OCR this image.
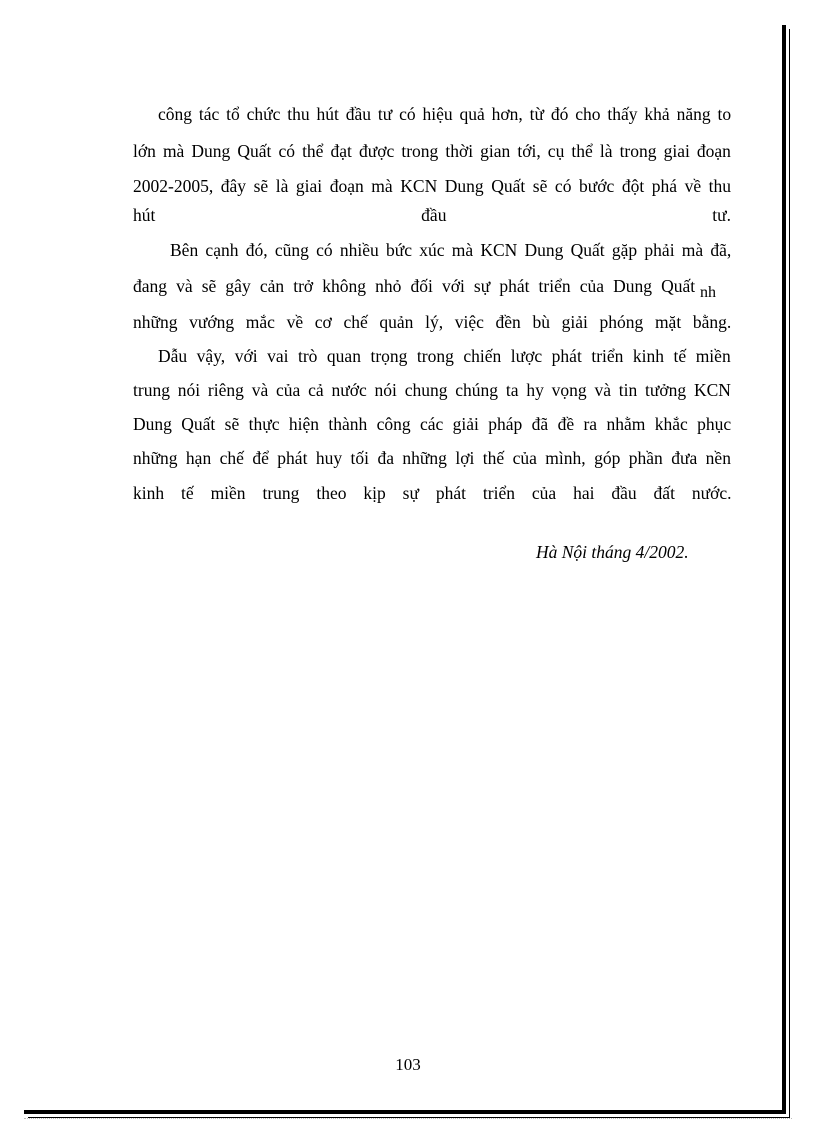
công tác tổ chức thu hút đầu tư có hiệu quả hơn, từ đó cho thấy khả năng to
lớn mà Dung Quất có thể đạt được trong thời gian tới, cụ thể là trong giai đoạn
2002-2005, đây sẽ là giai đoạn mà KCN Dung Quất sẽ có bước đột phá về thu
hút	đầu	tư.
Bên cạnh đó, cũng có nhiều bức xúc mà KCN Dung Quất gặp phải mà đã,
đang và sẽ gây cản trở không nhỏ đối với sự phát triển của Dung Quất nh
những vướng mắc về cơ chế quản lý, việc đền bù giải phóng mặt bằng.
Dẫu vậy, với vai trò quan trọng trong chiến lược phát triển kinh tế miền
trung nói riêng và của cả nước nói chung chúng ta hy vọng và tin tưởng KCN
Dung Quất sẽ thực hiện thành công các giải pháp đã đề ra nhằm khắc phục
những hạn chế để phát huy tối đa những lợi thế của mình, góp phần đưa nền
kinh tế miền trung theo kịp sự phát triển của hai đầu đất nước.
Hà Nội tháng 4/2002.
103
